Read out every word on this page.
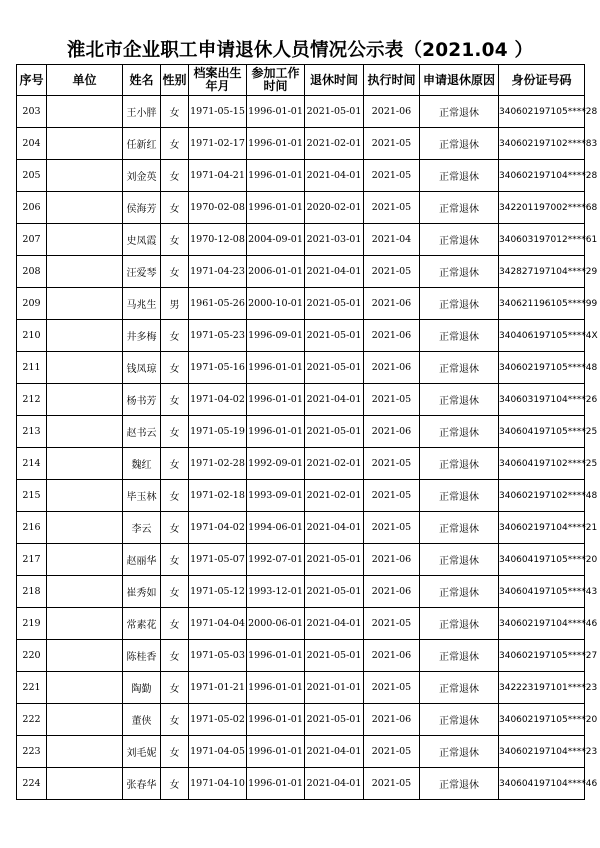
淮北市企业职工申请退休人员情况公示表（2021.04 ）
序号	单位	姓名	性别	档案出生年月	参加工作时间	退休时间	执行时间	申请退休原因	身份证号码
203		王小胖	女	1971-05-15	1996-01-01	2021-05-01	2021-06	正常退休	340602197105****28
204		任新红	女	1971-02-17	1996-01-01	2021-02-01	2021-05	正常退休	340602197102****83
205		刘金英	女	1971-04-21	1996-01-01	2021-04-01	2021-05	正常退休	340602197104****28
206		侯海芳	女	1970-02-08	1996-01-01	2020-02-01	2021-05	正常退休	342201197002****68
207		史凤霞	女	1970-12-08	2004-09-01	2021-03-01	2021-04	正常退休	340603197012****61
208		汪爱琴	女	1971-04-23	2006-01-01	2021-04-01	2021-05	正常退休	342827197104****29
209		马兆生	男	1961-05-26	2000-10-01	2021-05-01	2021-06	正常退休	340621196105****99
210		井多梅	女	1971-05-23	1996-09-01	2021-05-01	2021-06	正常退休	340406197105****4X
211		钱凤琼	女	1971-05-16	1996-01-01	2021-05-01	2021-06	正常退休	340602197105****48
212		杨书芳	女	1971-04-02	1996-01-01	2021-04-01	2021-05	正常退休	340603197104****26
213		赵书云	女	1971-05-19	1996-01-01	2021-05-01	2021-06	正常退休	340604197105****25
214		魏红	女	1971-02-28	1992-09-01	2021-02-01	2021-05	正常退休	340604197102****25
215		毕玉林	女	1971-02-18	1993-09-01	2021-02-01	2021-05	正常退休	340602197102****48
216		李云	女	1971-04-02	1994-06-01	2021-04-01	2021-05	正常退休	340602197104****21
217		赵丽华	女	1971-05-07	1992-07-01	2021-05-01	2021-06	正常退休	340604197105****20
218		崔秀如	女	1971-05-12	1993-12-01	2021-05-01	2021-06	正常退休	340604197105****43
219		常素花	女	1971-04-04	2000-06-01	2021-04-01	2021-05	正常退休	340602197104****46
220		陈桂香	女	1971-05-03	1996-01-01	2021-05-01	2021-06	正常退休	340602197105****27
221		陶勤	女	1971-01-21	1996-01-01	2021-01-01	2021-05	正常退休	342223197101****23
222		董侠	女	1971-05-02	1996-01-01	2021-05-01	2021-06	正常退休	340602197105****20
223		刘毛妮	女	1971-04-05	1996-01-01	2021-04-01	2021-05	正常退休	340602197104****23
224		张春华	女	1971-04-10	1996-01-01	2021-04-01	2021-05	正常退休	340604197104****46
